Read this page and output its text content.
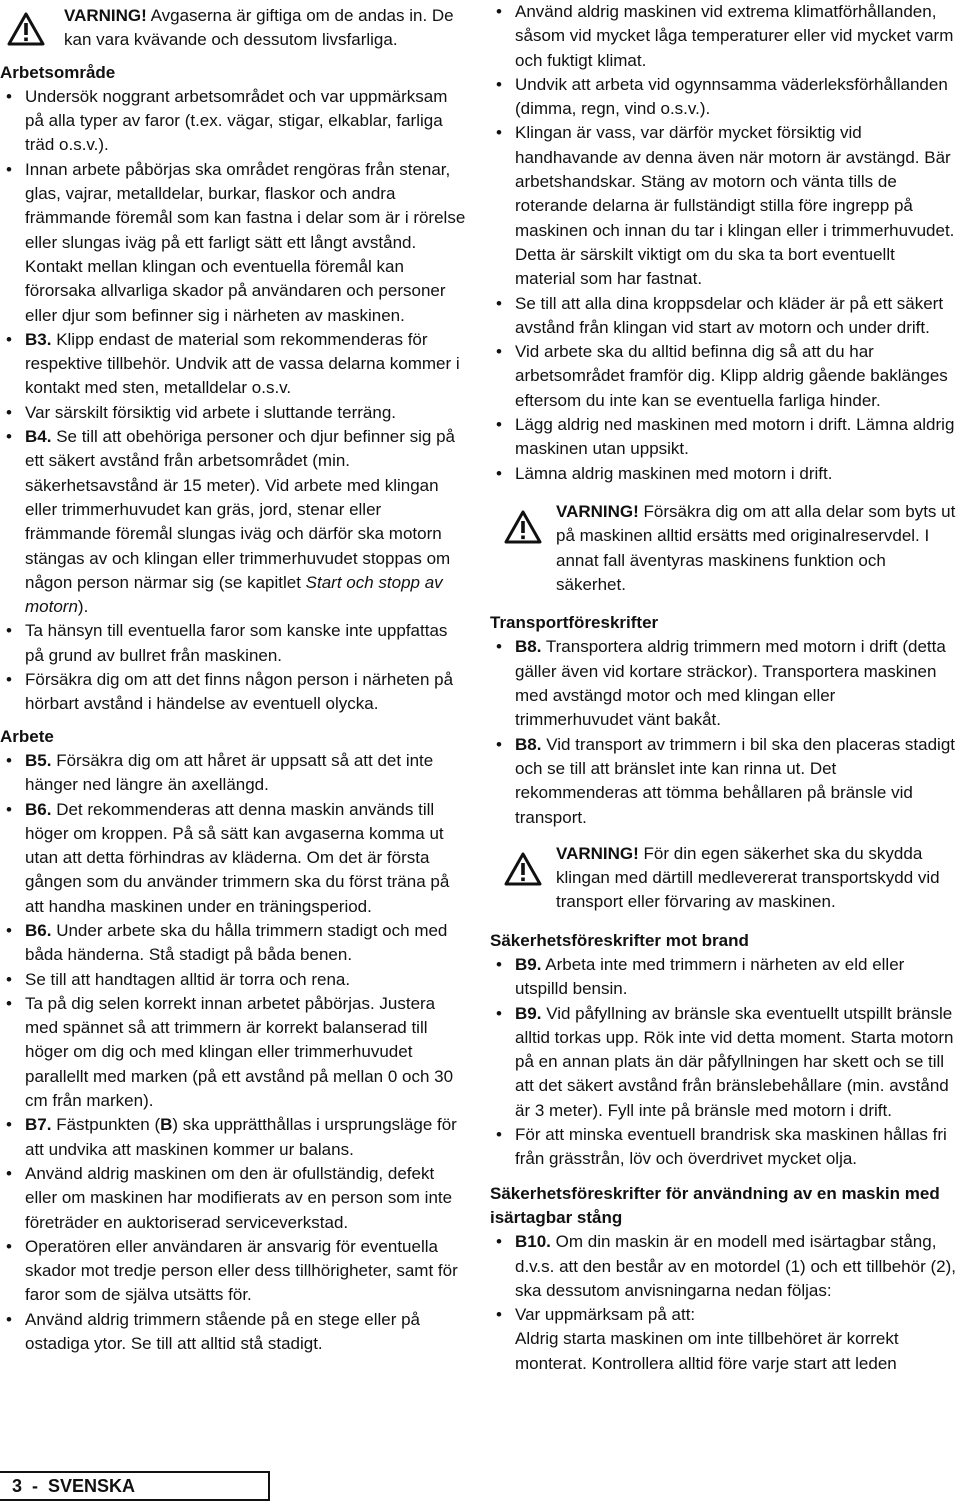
VARNING! Avgaserna är giftiga om de andas in. De kan vara kvävande och dessutom livsfarliga.

Arbetsområde

• Undersök noggrant arbetsområdet och var uppmärksam på alla typer av faror (t.ex. vägar, stigar, elkablar, farliga träd o.s.v.).
• Innan arbete påbörjas ska området rengöras från stenar, glas, vajrar, metalldelar, burkar, flaskor och andra främmande föremål som kan fastna i delar som är i rörelse eller slungas iväg på ett farligt sätt ett långt avstånd. Kontakt mellan klingan och eventuella föremål kan förorsaka allvarliga skador på användaren och personer eller djur som befinner sig i närheten av maskinen.
• B3. Klipp endast de material som rekommenderas för respektive tillbehör. Undvik att de vassa delarna kommer i kontakt med sten, metalldelar o.s.v.
• Var särskilt försiktig vid arbete i sluttande terräng.
• B4. Se till att obehöriga personer och djur befinner sig på ett säkert avstånd från arbetsområdet (min. säkerhetsavstånd är 15 meter). Vid arbete med klingan eller trimmerhuvudet kan gräs, jord, stenar eller främmande föremål slungas iväg och därför ska motorn stängas av och klingan eller trimmerhuvudet stoppas om någon person närmar sig (se kapitlet Start och stopp av motorn).
• Ta hänsyn till eventuella faror som kanske inte uppfattas på grund av bullret från maskinen.
• Försäkra dig om att det finns någon person i närheten på hörbart avstånd i händelse av eventuell olycka.

Arbete

• B5. Försäkra dig om att håret är uppsatt så att det inte hänger ned längre än axellängd.
• B6. Det rekommenderas att denna maskin används till höger om kroppen. På så sätt kan avgaserna komma ut utan att detta förhindras av kläderna. Om det är första gången som du använder trimmern ska du först träna på att handha maskinen under en träningsperiod.
• B6. Under arbete ska du hålla trimmern stadigt och med båda händerna. Stå stadigt på båda benen.
• Se till att handtagen alltid är torra och rena.
• Ta på dig selen korrekt innan arbetet påbörjas. Justera med spännet så att trimmern är korrekt balanserad till höger om dig och med klingan eller trimmerhuvudet parallellt med marken (på ett avstånd på mellan 0 och 30 cm från marken).
• B7. Fästpunkten (B) ska upprätthållas i ursprungsläge för att undvika att maskinen kommer ur balans.
• Använd aldrig maskinen om den är ofullständig, defekt eller om maskinen har modifierats av en person som inte företräder en auktoriserad serviceverkstad.
• Operatören eller användaren är ansvarig för eventuella skador mot tredje person eller dess tillhörigheter, samt för faror som de själva utsätts för.
• Använd aldrig trimmern stående på en stege eller på ostadiga ytor. Se till att alltid stå stadigt.
• Använd aldrig maskinen vid extrema klimatförhållanden, såsom vid mycket låga temperaturer eller vid mycket varm och fuktigt klimat.
• Undvik att arbeta vid ogynnsamma väderleksförhållanden (dimma, regn, vind o.s.v.).
• Klingan är vass, var därför mycket försiktig vid handhavande av denna även när motorn är avstängd. Bär arbetshandskar. Stäng av motorn och vänta tills de roterande delarna är fullständigt stilla före ingrepp på maskinen och innan du tar i klingan eller i trimmerhuvudet. Detta är särskilt viktigt om du ska ta bort eventuellt material som har fastnat.
• Se till att alla dina kroppsdelar och kläder är på ett säkert avstånd från klingan vid start av motorn och under drift.
• Vid arbete ska du alltid befinna dig så att du har arbetsområdet framför dig. Klipp aldrig gående baklänges eftersom du inte kan se eventuella farliga hinder.
• Lägg aldrig ned maskinen med motorn i drift. Lämna aldrig maskinen utan uppsikt.
• Lämna aldrig maskinen med motorn i drift.
VARNING! Försäkra dig om att alla delar som byts ut på maskinen alltid ersätts med originalreservdel. I annat fall äventyras maskinens funktion och säkerhet.

Transportföreskrifter

• B8. Transportera aldrig trimmern med motorn i drift (detta gäller även vid kortare sträckor). Transportera maskinen med avstängd motor och med klingan eller trimmerhuvudet vänt bakåt.
• B8. Vid transport av trimmern i bil ska den placeras stadigt och se till att bränslet inte kan rinna ut. Det rekommenderas att tömma behållaren på bränsle vid transport.
VARNING! För din egen säkerhet ska du skydda klingan med därtill medlevererat transportskydd vid transport eller förvaring av maskinen.

Säkerhetsföreskrifter mot brand

• B9. Arbeta inte med trimmern i närheten av eld eller utspilld bensin.
• B9. Vid påfyllning av bränsle ska eventuellt utspillt bränsle alltid torkas upp. Rök inte vid detta moment. Starta motorn på en annan plats än där påfyllningen har skett och se till att det säkert avstånd från bränslebehållare (min. avstånd är 3 meter). Fyll inte på bränsle med motorn i drift.
• För att minska eventuell brandrisk ska maskinen hållas fri från grässtrån, löv och överdrivet mycket olja.

Säkerhetsföreskrifter för användning av en maskin med isärtagbar stång

• B10. Om din maskin är en modell med isärtagbar stång, d.v.s. att den består av en motordel (1) och ett tillbehör (2), ska dessutom anvisningarna nedan följas:
• Var uppmärksam på att:
Aldrig starta maskinen om inte tillbehöret är korrekt monterat. Kontrollera alltid före varje start att leden
3  -  SVENSKA
